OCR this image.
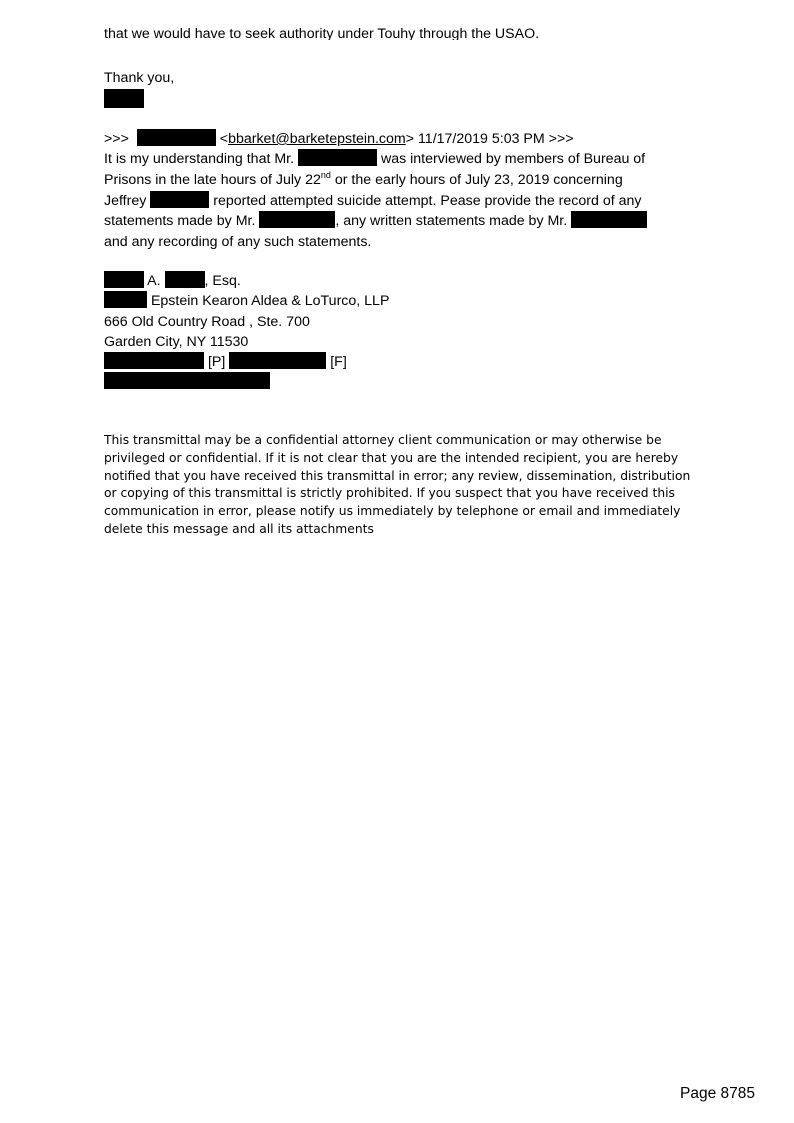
that we would have to seek authority under Touhy through the USAO.
Thank you,
>>>	<bbarket@barketepstein.com> 11/17/2019 5:03 PM >>>
It is my understanding that Mr.	was interviewed by members of Bureau of
Prisons in the late hours of July 22nd or the early hours of July 23, 2019 concerning
Jeffrey	reported attempted suicide attempt. Pease provide the record of any
statements made by Mr.	, any written statements made by Mr.
and any recording of any such statements.
A.	, Esq.
Epstein Kearon Aldea & LoTurco, LLP
666 Old Country Road , Ste. 700
Garden City, NY 11530
[P]	[F]
This transmittal may be a confidential attorney client communication or may otherwise be
privileged or confidential. If it is not clear that you are the intended recipient, you are hereby
notified that you have received this transmittal in error; any review, dissemination, distribution
or copying of this transmittal is strictly prohibited. If you suspect that you have received this
communication in error, please notify us immediately by telephone or email and immediately
delete this message and all its attachments
Page 8785
